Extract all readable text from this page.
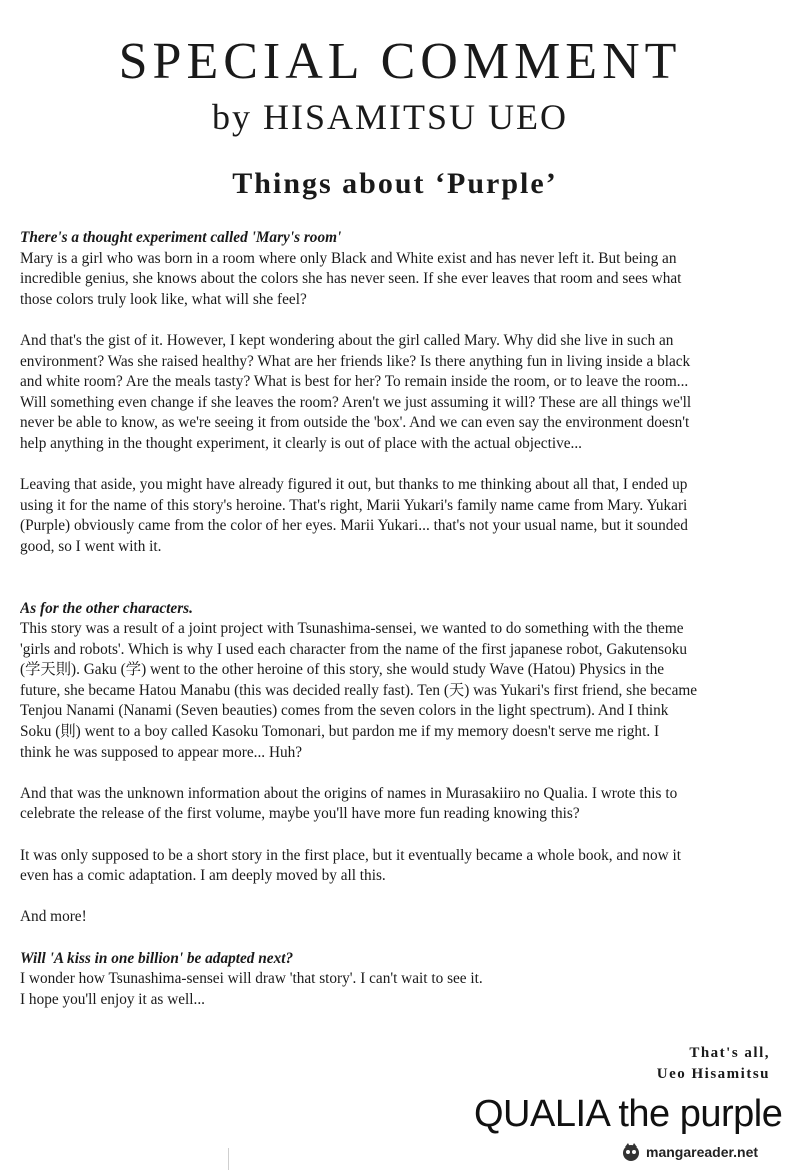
SPECIAL COMMENT
by HISAMITSU UEO
Things about ‘Purple’
There's a thought experiment called 'Mary's room'
Mary is a girl who was born in a room where only Black and White exist and has never left it. But being an
incredible genius, she knows about the colors she has never seen. If she ever leaves that room and sees what
those colors truly look like, what will she feel?
And that's the gist of it. However, I kept wondering about the girl called Mary. Why did she live in such an
environment? Was she raised healthy? What are her friends like? Is there anything fun in living inside a black
and white room? Are the meals tasty? What is best for her? To remain inside the room, or to leave the room...
Will something even change if she leaves the room? Aren't we just assuming it will? These are all things we'll
never be able to know, as we're seeing it from outside the 'box'. And we can even say the environment doesn't
help anything in the thought experiment, it clearly is out of place with the actual objective...
Leaving that aside, you might have already figured it out, but thanks to me thinking about all that, I ended up
using it for the name of this story's heroine. That's right, Marii Yukari's family name came from Mary. Yukari
(Purple) obviously came from the color of her eyes. Marii Yukari... that's not your usual name, but it sounded
good, so I went with it.
As for the other characters.
This story was a result of a joint project with Tsunashima-sensei, we wanted to do something with the theme
'girls and robots'. Which is why I used each character from the name of the first japanese robot, Gakutensoku
(学天則). Gaku (学) went to the other heroine of this story, she would study Wave (Hatou) Physics in the
future, she became Hatou Manabu (this was decided really fast). Ten (天) was Yukari's first friend, she became
Tenjou Nanami (Nanami (Seven beauties) comes from the seven colors in the light spectrum). And I think
Soku (則) went to a boy called Kasoku Tomonari, but pardon me if my memory doesn't serve me right. I
think he was supposed to appear more... Huh?
And that was the unknown information about the origins of names in Murasakiiro no Qualia. I wrote this to
celebrate the release of the first volume, maybe you'll have more fun reading knowing this?
It was only supposed to be a short story in the first place, but it eventually became a whole book, and now it
even has a comic adaptation. I am deeply moved by all this.
And more!
Will 'A kiss in one billion' be adapted next?
I wonder how Tsunashima-sensei will draw 'that story'. I can't wait to see it.
I hope you'll enjoy it as well...
That's all,
Ueo Hisamitsu
QUALIA the purple
mangareader.net
